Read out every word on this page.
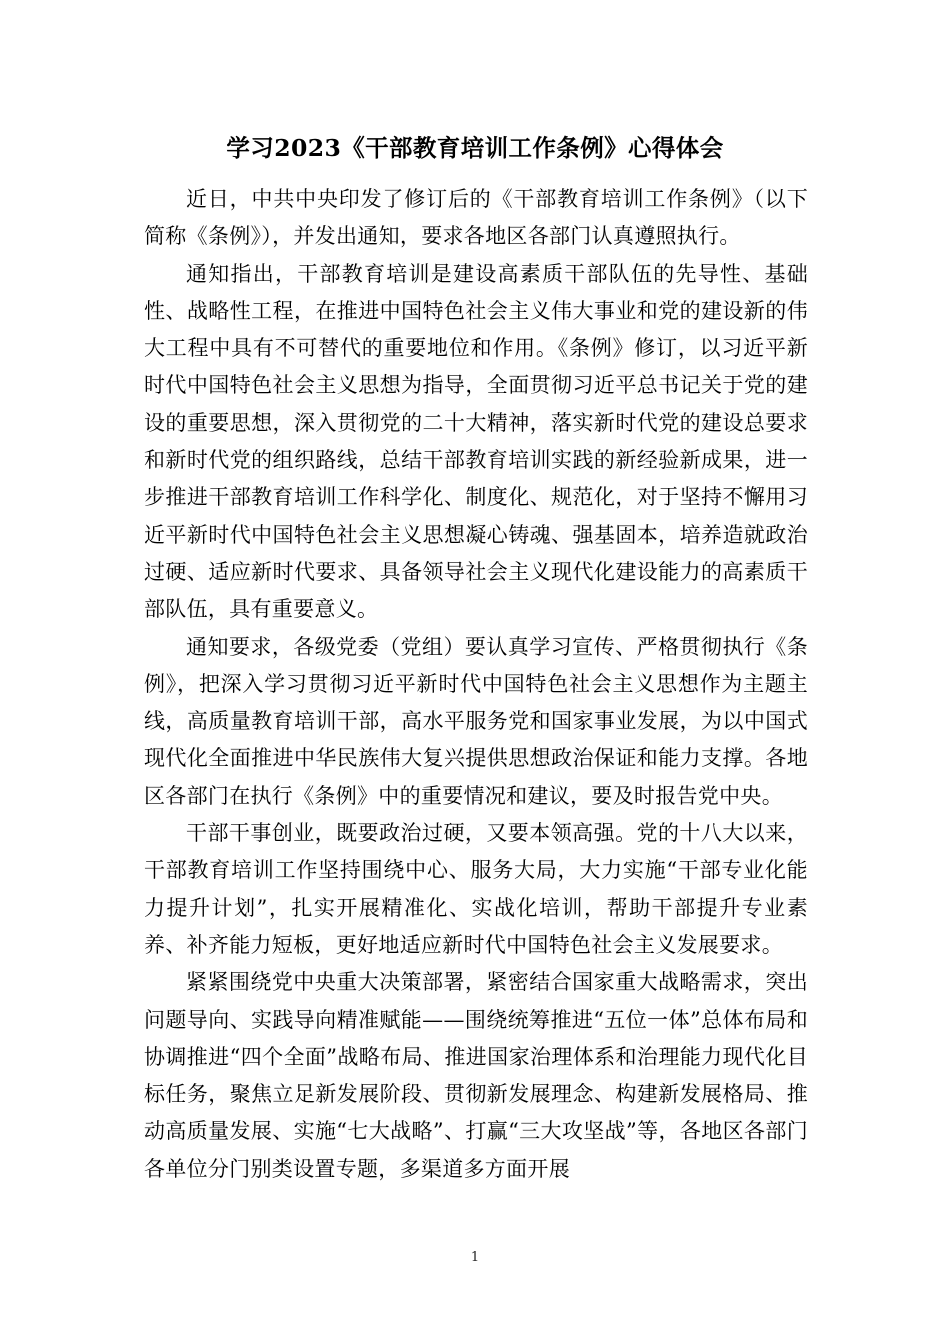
学习2023《干部教育培训工作条例》心得体会

近日，中共中央印发了修订后的《干部教育培训工作条例》（以下简称《条例》），并发出通知，要求各地区各部门认真遵照执行。

通知指出，干部教育培训是建设高素质干部队伍的先导性、基础性、战略性工程，在推进中国特色社会主义伟大事业和党的建设新的伟大工程中具有不可替代的重要地位和作用。《条例》修订，以习近平新时代中国特色社会主义思想为指导，全面贯彻习近平总书记关于党的建设的重要思想，深入贯彻党的二十大精神，落实新时代党的建设总要求和新时代党的组织路线，总结干部教育培训实践的新经验新成果，进一步推进干部教育培训工作科学化、制度化、规范化，对于坚持不懈用习近平新时代中国特色社会主义思想凝心铸魂、强基固本，培养造就政治过硬、适应新时代要求、具备领导社会主义现代化建设能力的高素质干部队伍，具有重要意义。

通知要求，各级党委（党组）要认真学习宣传、严格贯彻执行《条例》，把深入学习贯彻习近平新时代中国特色社会主义思想作为主题主线，高质量教育培训干部，高水平服务党和国家事业发展，为以中国式现代化全面推进中华民族伟大复兴提供思想政治保证和能力支撑。各地区各部门在执行《条例》中的重要情况和建议，要及时报告党中央。

干部干事创业，既要政治过硬，又要本领高强。党的十八大以来，干部教育培训工作坚持围绕中心、服务大局，大力实施“干部专业化能力提升计划”，扎实开展精准化、实战化培训，帮助干部提升专业素养、补齐能力短板，更好地适应新时代中国特色社会主义发展要求。

紧紧围绕党中央重大决策部署，紧密结合国家重大战略需求，突出问题导向、实践导向精准赋能——围绕统筹推进“五位一体”总体布局和协调推进“四个全面”战略布局、推进国家治理体系和治理能力现代化目标任务，聚焦立足新发展阶段、贯彻新发展理念、构建新发展格局、推动高质量发展、实施“七大战略”、打赢“三大攻坚战”等，各地区各部门各单位分门别类设置专题，多渠道多方面开展

1
